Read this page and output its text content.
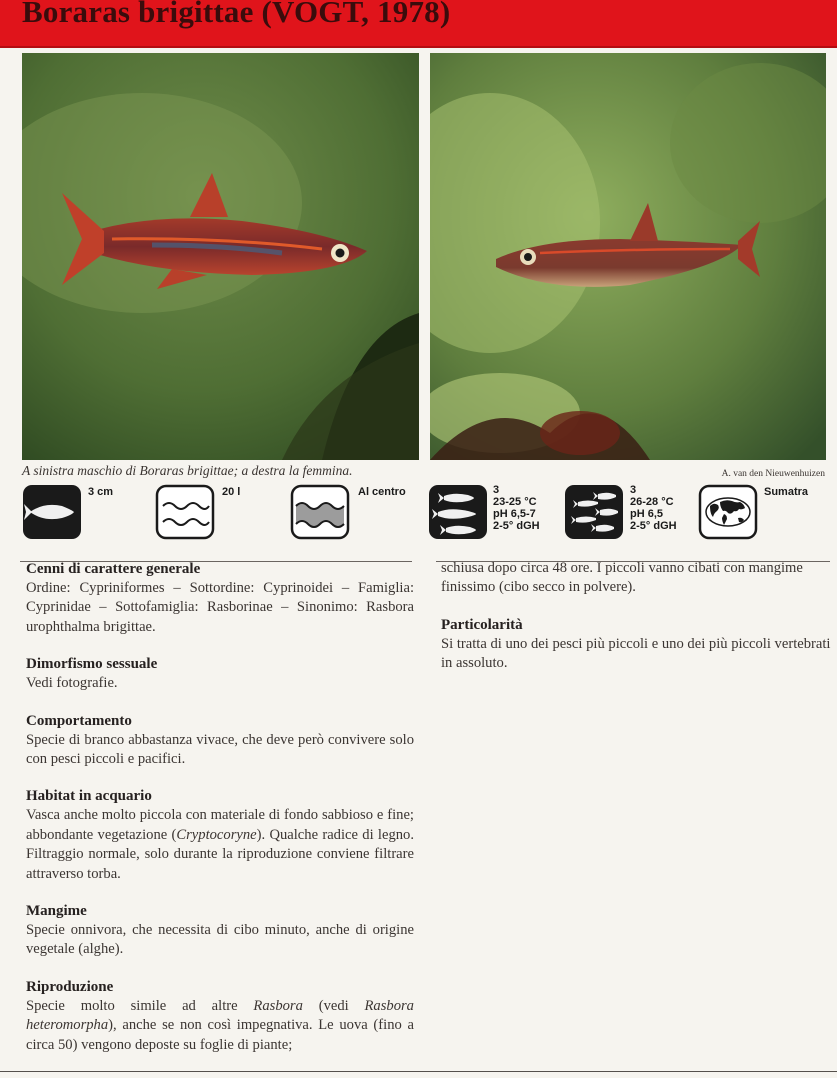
Boraras brigittae (VOGT, 1978)
A sinistra maschio di Boraras brigittae; a destra la femmina.	A. van den Nieuwenhuizen
3 cm	20 l	Al centro	3
23-25 °C
pH 6,5-7
2-5° dGH
3
26-28 °C
pH 6,5
2-5° dGH
Sumatra
Cenni di carattere generale

Ordine: Cypriniformes – Sottordine: Cyprinoidei – Famiglia: Cyprinidae – Sottofamiglia: Rasborinae – Sinonimo: Rasbora urophthalma brigittae.

Dimorfismo sessuale

Vedi fotografie.

Comportamento

Specie di branco abbastanza vivace, che deve però convivere solo con pesci piccoli e pacifici.

Habitat in acquario

Vasca anche molto piccola con materiale di fondo sabbioso e fine; abbondante vegetazione (Cryptocoryne). Qualche radice di legno. Filtraggio normale, solo durante la riproduzione conviene filtrare attraverso torba.

Mangime

Specie onnivora, che necessita di cibo minuto, anche di origine vegetale (alghe).

Riproduzione

Specie molto simile ad altre Rasbora (vedi Rasbora heteromorpha), anche se non così impegnativa. Le uova (fino a circa 50) vengono deposte su foglie di piante;

schiusa dopo circa 48 ore. I piccoli vanno cibati con mangime finissimo (cibo secco in polvere).

Particolarità

Si tratta di uno dei pesci più piccoli e uno dei più piccoli vertebrati in assoluto.
